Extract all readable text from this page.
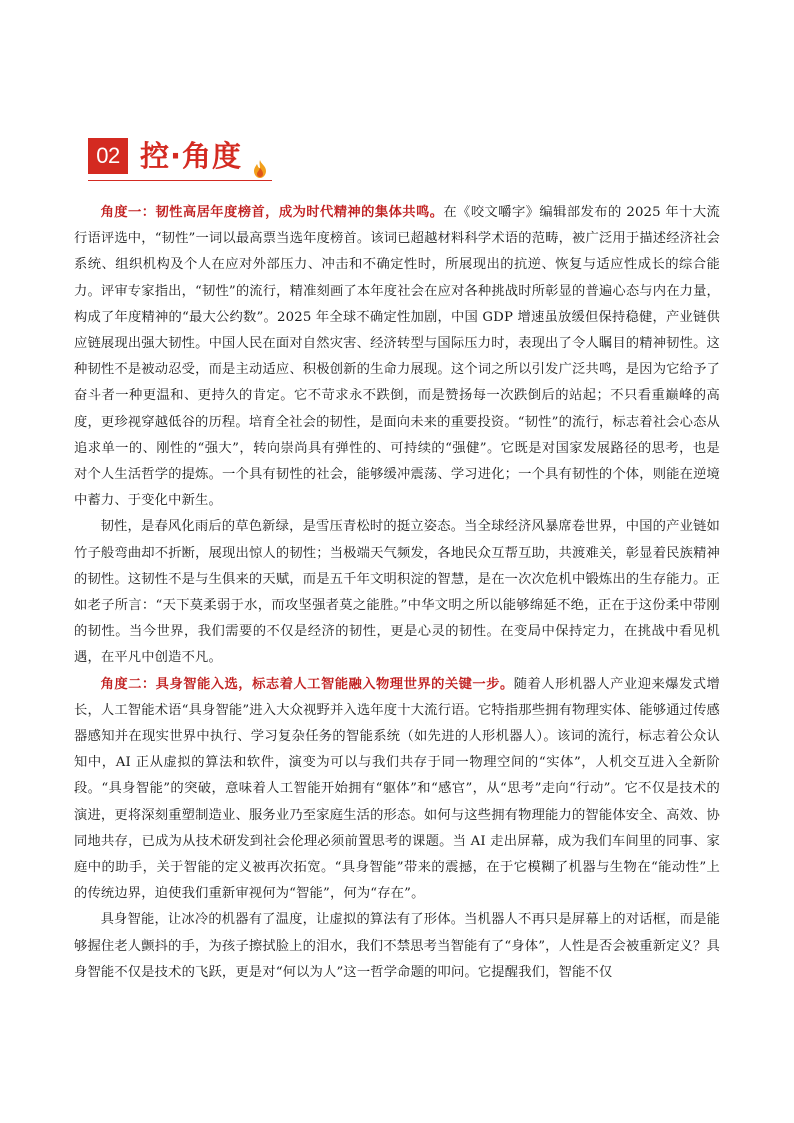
02 控·角度

角度一：韧性高居年度榜首，成为时代精神的集体共鸣。在《咬文嚼字》编辑部发布的 2025 年十大流行语评选中，“韧性”一词以最高票当选年度榜首。该词已超越材料科学术语的范畴，被广泛用于描述经济社会系统、组织机构及个人在应对外部压力、冲击和不确定性时，所展现出的抗逆、恢复与适应性成长的综合能力。评审专家指出，“韧性”的流行，精准刻画了本年度社会在应对各种挑战时所彰显的普遍心态与内在力量，构成了年度精神的“最大公约数”。2025 年全球不确定性加剧，中国 GDP 增速虽放缓但保持稳健，产业链供应链展现出强大韧性。中国人民在面对自然灾害、经济转型与国际压力时，表现出了令人瞩目的精神韧性。这种韧性不是被动忍受，而是主动适应、积极创新的生命力展现。这个词之所以引发广泛共鸣，是因为它给予了奋斗者一种更温和、更持久的肯定。它不苛求永不跌倒，而是赞扬每一次跌倒后的站起；不只看重巅峰的高度，更珍视穿越低谷的历程。培育全社会的韧性，是面向未来的重要投资。“韧性”的流行，标志着社会心态从追求单一的、刚性的“强大”，转向崇尚具有弹性的、可持续的“强健”。它既是对国家发展路径的思考，也是对个人生活哲学的提炼。一个具有韧性的社会，能够缓冲震荡、学习进化；一个具有韧性的个体，则能在逆境中蓄力、于变化中新生。

韧性，是春风化雨后的草色新绿，是雪压青松时的挺立姿态。当全球经济风暴席卷世界，中国的产业链如竹子般弯曲却不折断，展现出惊人的韧性；当极端天气频发，各地民众互帮互助，共渡难关，彰显着民族精神的韧性。这韧性不是与生俱来的天赋，而是五千年文明积淀的智慧，是在一次次危机中锻炼出的生存能力。正如老子所言：“天下莫柔弱于水，而攻坚强者莫之能胜。”中华文明之所以能够绵延不绝，正在于这份柔中带刚的韧性。当今世界，我们需要的不仅是经济的韧性，更是心灵的韧性。在变局中保持定力，在挑战中看见机遇，在平凡中创造不凡。

角度二：具身智能入选，标志着人工智能融入物理世界的关键一步。随着人形机器人产业迎来爆发式增长，人工智能术语“具身智能”进入大众视野并入选年度十大流行语。它特指那些拥有物理实体、能够通过传感器感知并在现实世界中执行、学习复杂任务的智能系统（如先进的人形机器人）。该词的流行，标志着公众认知中，AI 正从虚拟的算法和软件，演变为可以与我们共存于同一物理空间的“实体”，人机交互进入全新阶段。“具身智能”的突破，意味着人工智能开始拥有“躯体”和“感官”，从“思考”走向“行动”。它不仅是技术的演进，更将深刻重塑制造业、服务业乃至家庭生活的形态。如何与这些拥有物理能力的智能体安全、高效、协同地共存，已成为从技术研发到社会伦理必须前置思考的课题。当 AI 走出屏幕，成为我们车间里的同事、家庭中的助手，关于智能的定义被再次拓宽。“具身智能”带来的震撼，在于它模糊了机器与生物在“能动性”上的传统边界，迫使我们重新审视何为“智能”，何为“存在”。

具身智能，让冰冷的机器有了温度，让虚拟的算法有了形体。当机器人不再只是屏幕上的对话框，而是能够握住老人颤抖的手，为孩子擦拭脸上的泪水，我们不禁思考当智能有了“身体”，人性是否会被重新定义？具身智能不仅是技术的飞跃，更是对“何以为人”这一哲学命题的叩问。它提醒我们，智能不仅
